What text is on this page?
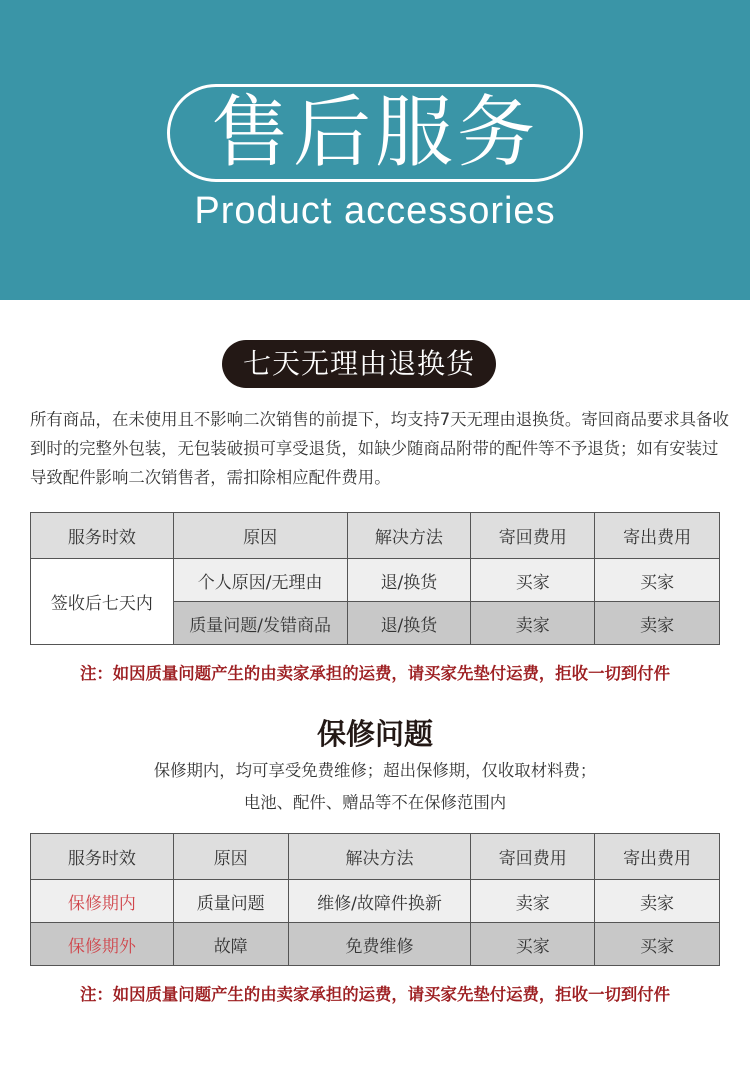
售后服务
Product accessories
七天无理由退换货
所有商品，在未使用且不影响二次销售的前提下，均支持7天无理由退换货。寄回商品要求具备收到时的完整外包装，无包装破损可享受退货，如缺少随商品附带的配件等不予退货；如有安装过导致配件影响二次销售者，需扣除相应配件费用。
服务时效	原因	解决方法	寄回费用	寄出费用
签收后七天内	个人原因/无理由	退/换货	买家	买家
	质量问题/发错商品	退/换货	卖家	卖家
注：如因质量问题产生的由卖家承担的运费，请买家先垫付运费，拒收一切到付件
保修问题
保修期内，均可享受免费维修；超出保修期，仅收取材料费；
电池、配件、赠品等不在保修范围内
服务时效	原因	解决方法	寄回费用	寄出费用
保修期内	质量问题	维修/故障件换新	卖家	卖家
保修期外	故障	免费维修	买家	买家
注：如因质量问题产生的由卖家承担的运费，请买家先垫付运费，拒收一切到付件
